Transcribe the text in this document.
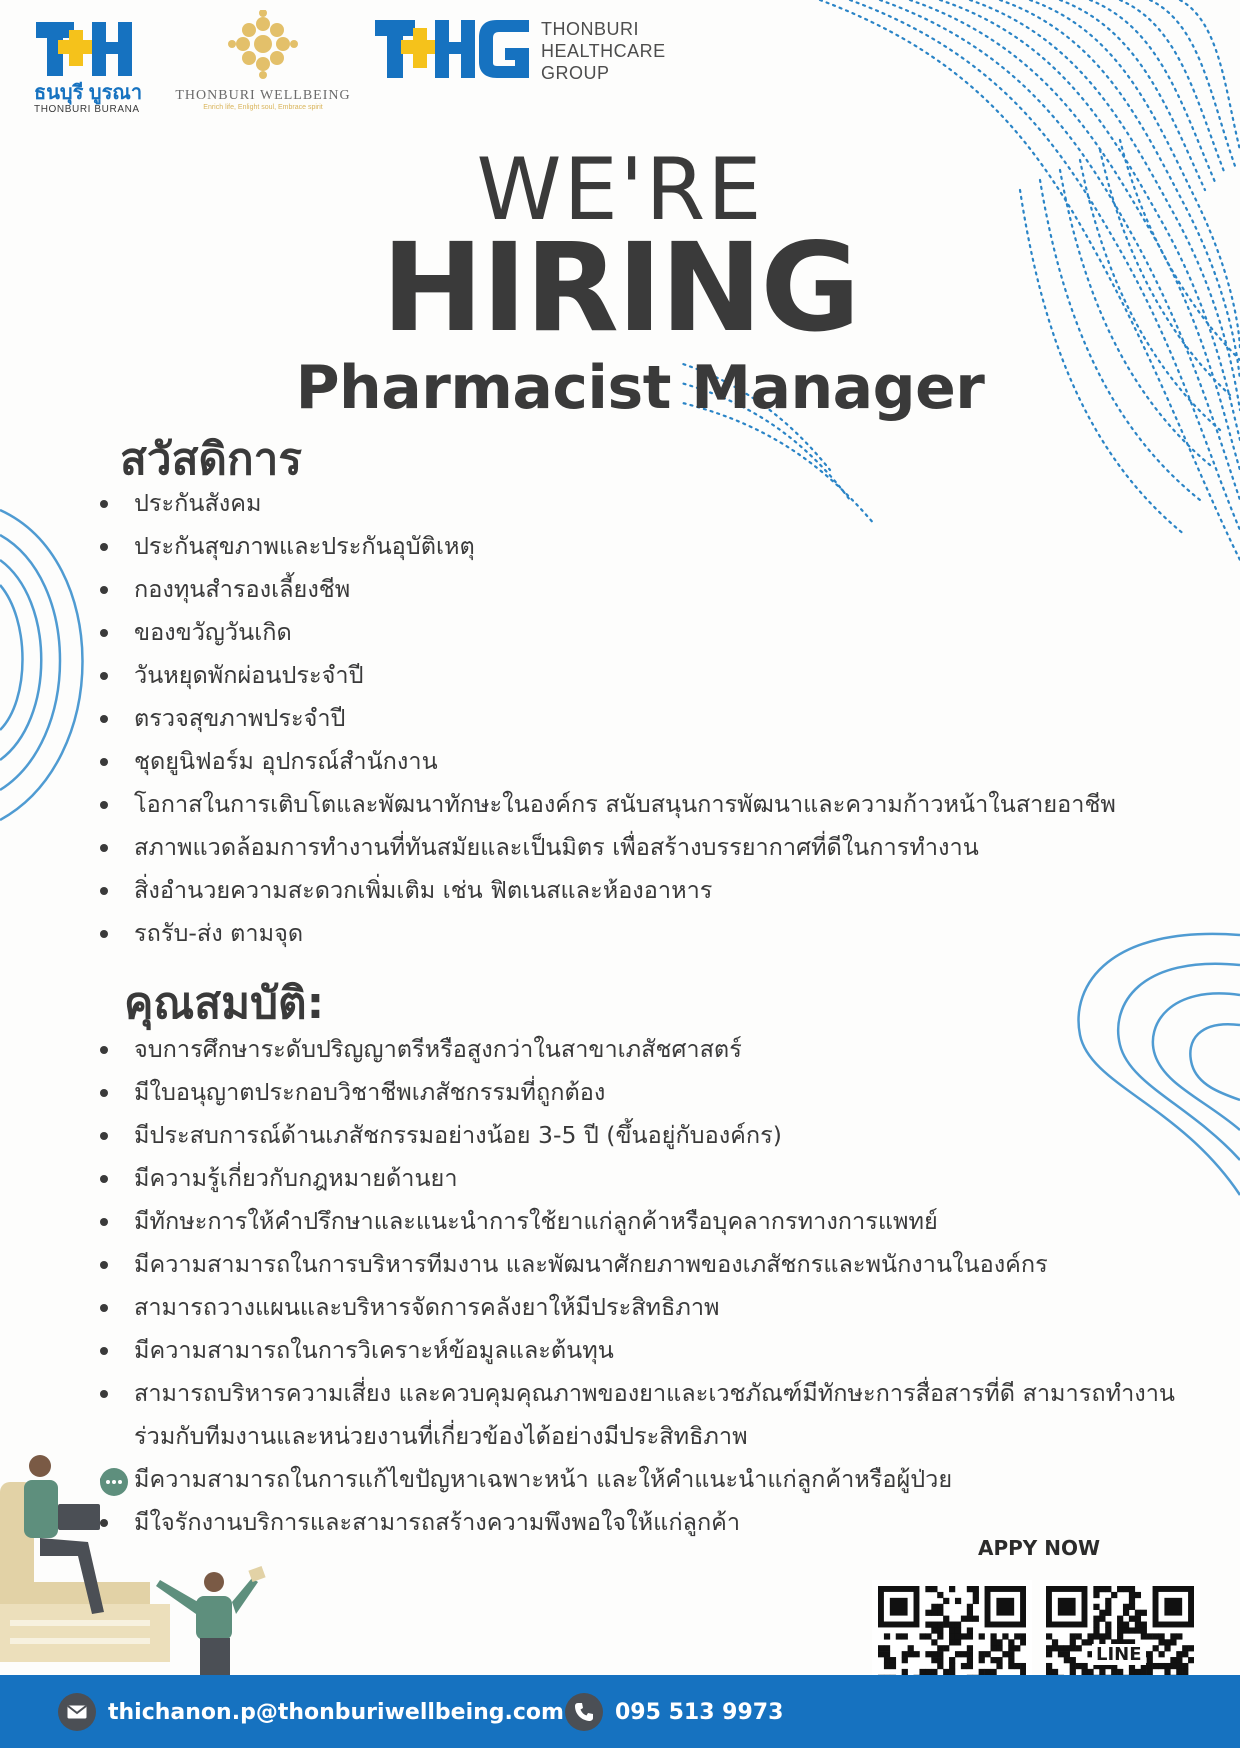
ธนบุรี บูรณา
THONBURI BURANA
THONBURI WELLBEING
Enrich life, Enlight soul, Embrace spirit
THONBURI
HEALTHCARE
GROUP
WE'RE
HIRING
Pharmacist Manager
สวัสดิการ
ประกันสังคม
ประกันสุขภาพและประกันอุบัติเหตุ
กองทุนสำรองเลี้ยงชีพ
ของขวัญวันเกิด
วันหยุดพักผ่อนประจำปี
ตรวจสุขภาพประจำปี
ชุดยูนิฟอร์ม อุปกรณ์สำนักงาน
โอกาสในการเติบโตและพัฒนาทักษะในองค์กร สนับสนุนการพัฒนาและความก้าวหน้าในสายอาชีพ
สภาพแวดล้อมการทำงานที่ทันสมัยและเป็นมิตร เพื่อสร้างบรรยากาศที่ดีในการทำงาน
สิ่งอำนวยความสะดวกเพิ่มเติม เช่น ฟิตเนสและห้องอาหาร
รถรับ-ส่ง ตามจุด
คุณสมบัติ:
จบการศึกษาระดับปริญญาตรีหรือสูงกว่าในสาขาเภสัชศาสตร์
มีใบอนุญาตประกอบวิชาชีพเภสัชกรรมที่ถูกต้อง
มีประสบการณ์ด้านเภสัชกรรมอย่างน้อย 3-5 ปี (ขึ้นอยู่กับองค์กร)
มีความรู้เกี่ยวกับกฎหมายด้านยา
มีทักษะการให้คำปรึกษาและแนะนำการใช้ยาแก่ลูกค้าหรือบุคลากรทางการแพทย์
มีความสามารถในการบริหารทีมงาน และพัฒนาศักยภาพของเภสัชกรและพนักงานในองค์กร
สามารถวางแผนและบริหารจัดการคลังยาให้มีประสิทธิภาพ
มีความสามารถในการวิเคราะห์ข้อมูลและต้นทุน
สามารถบริหารความเสี่ยง และควบคุมคุณภาพของยาและเวชภัณฑ์มีทักษะการสื่อสารที่ดี สามารถทำงานร่วมกับทีมงานและหน่วยงานที่เกี่ยวข้องได้อย่างมีประสิทธิภาพ
มีความสามารถในการแก้ไขปัญหาเฉพาะหน้า และให้คำแนะนำแก่ลูกค้าหรือผู้ป่วย
มีใจรักงานบริการและสามารถสร้างความพึงพอใจให้แก่ลูกค้า
APPY NOW
LINE
thichanon.p@thonburiwellbeing.com 095 513 9973
